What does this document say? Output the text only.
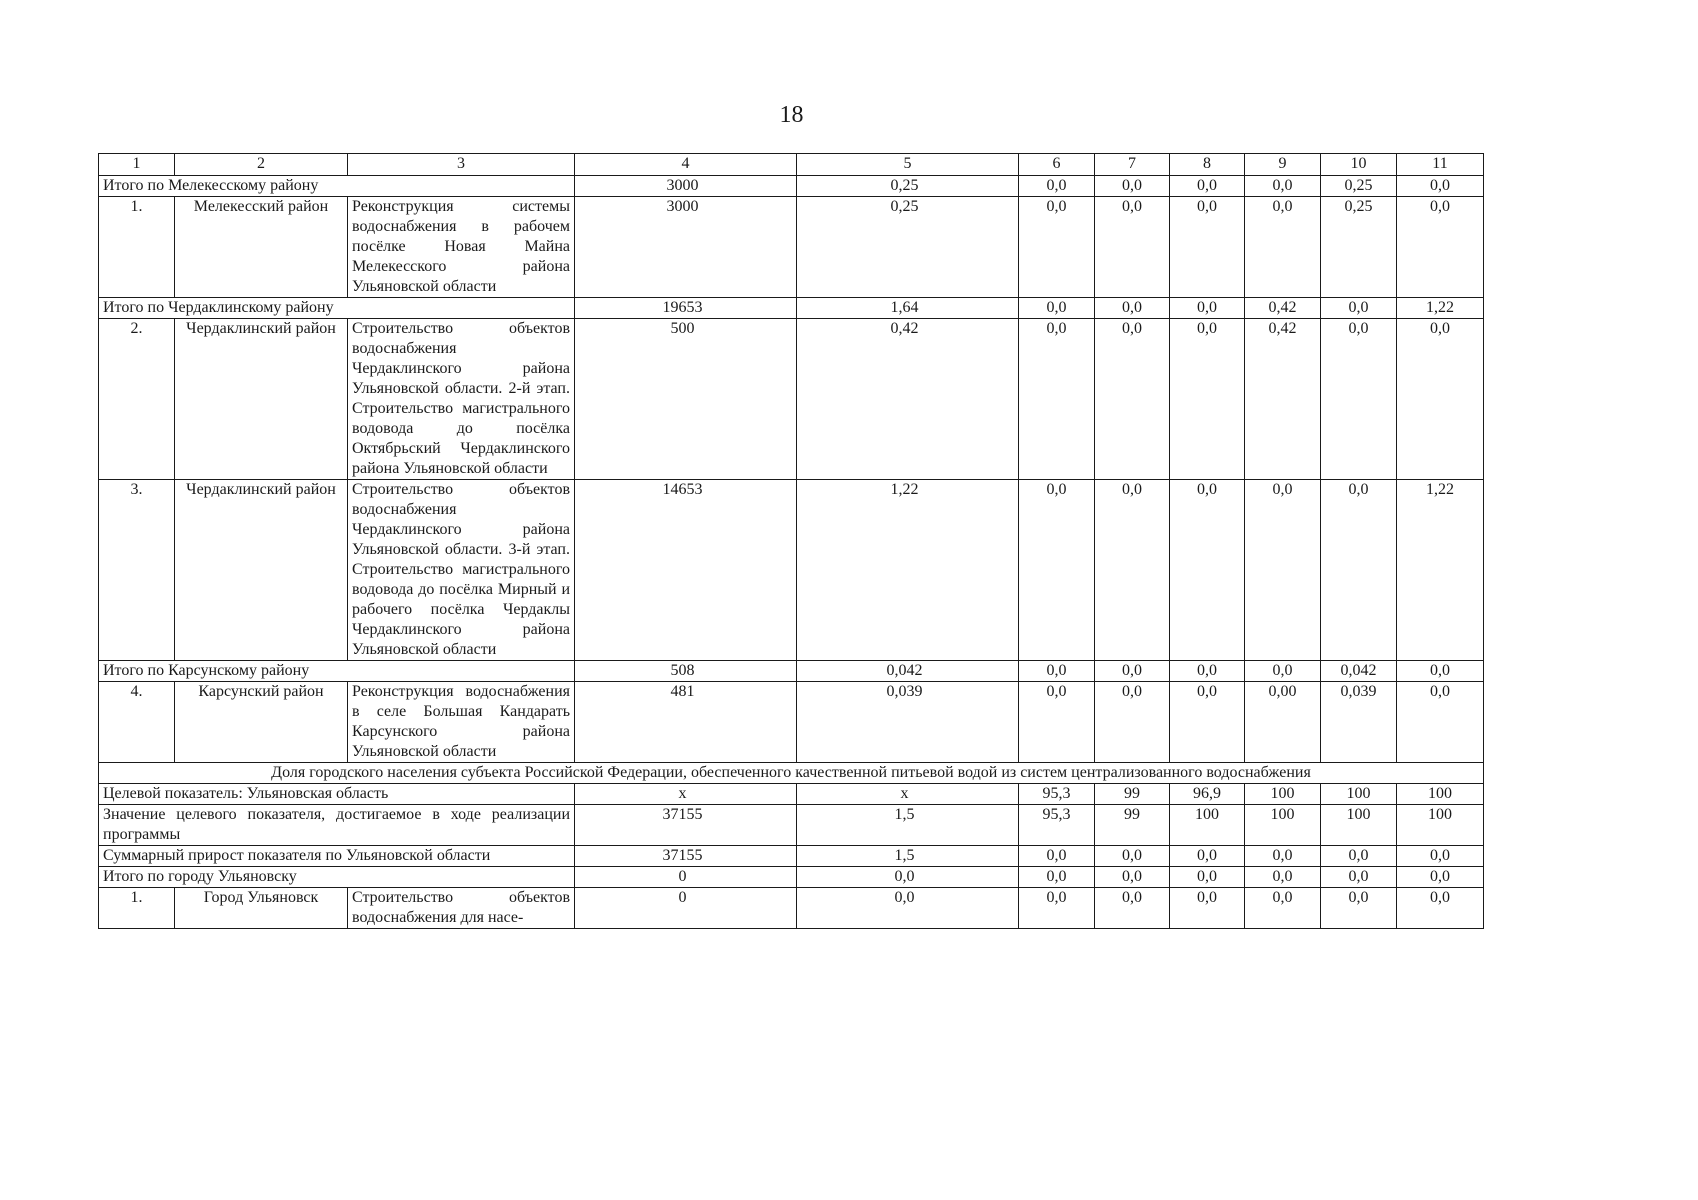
18
1	2	3	4	5	6	7	8	9	10	11
Итого по Мелекесскому району			3000	0,25	0,0	0,0	0,0	0,0	0,25	0,0
1.	Мелекесский район	Реконструкция системы водоснабжения в рабочем посёлке Новая Майна Мелекесского района Ульяновской области	3000	0,25	0,0	0,0	0,0	0,0	0,25	0,0
Итого по Чердаклинскому району			19653	1,64	0,0	0,0	0,0	0,42	0,0	1,22
2.	Чердаклинский район	Строительство объектов водоснабжения Чердаклинского района Ульяновской области. 2-й этап. Строительство магистрального водовода до посёлка Октябрьский Чердаклинского района Ульяновской области	500	0,42	0,0	0,0	0,0	0,42	0,0	0,0
3.	Чердаклинский район	Строительство объектов водоснабжения Чердаклинского района Ульяновской области. 3-й этап. Строительство магистрального водовода до посёлка Мирный и рабочего посёлка Чердаклы Чердаклинского района Ульяновской области	14653	1,22	0,0	0,0	0,0	0,0	0,0	1,22
Итого по Карсунскому району			508	0,042	0,0	0,0	0,0	0,0	0,042	0,0
4.	Карсунский район	Реконструкция водоснабжения в селе Большая Кандарать Карсунского района Ульяновской области	481	0,039	0,0	0,0	0,0	0,00	0,039	0,0
Доля городского населения субъекта Российской Федерации, обеспеченного качественной питьевой водой из систем централизованного водоснабжения										
Целевой показатель: Ульяновская область			х	х	95,3	99	96,9	100	100	100
Значение целевого показателя, достигаемое в ходе реализации программы			37155	1,5	95,3	99	100	100	100	100
Суммарный прирост показателя по Ульяновской области			37155	1,5	0,0	0,0	0,0	0,0	0,0	0,0
Итого по городу Ульяновску			0	0,0	0,0	0,0	0,0	0,0	0,0	0,0
1.	Город Ульяновск	Строительство объектов водоснабжения для насе-	0	0,0	0,0	0,0	0,0	0,0	0,0	0,0
